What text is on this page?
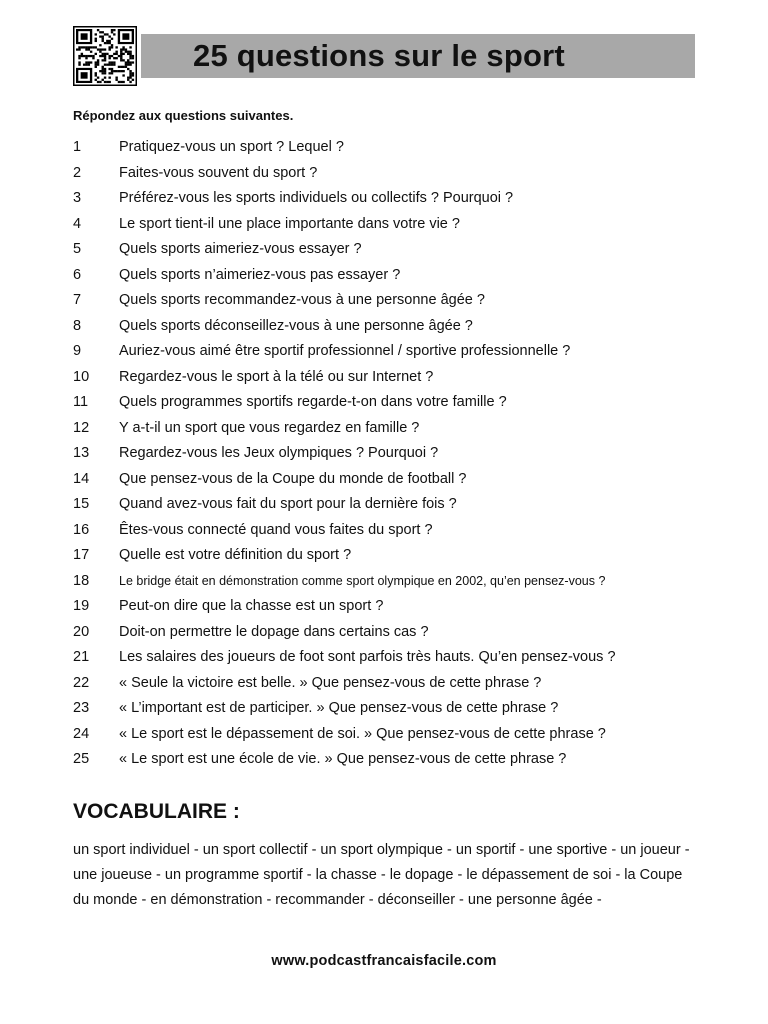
25 questions sur le sport
Répondez aux questions suivantes.
1	Pratiquez-vous un sport ? Lequel ?
2	Faites-vous souvent du sport ?
3	Préférez-vous les sports individuels ou collectifs ? Pourquoi ?
4	Le sport tient-il une place importante dans votre vie ?
5	Quels sports aimeriez-vous essayer ?
6	Quels sports n’aimeriez-vous pas essayer ?
7	Quels sports recommandez-vous à une personne âgée ?
8	Quels sports déconseillez-vous à une personne âgée ?
9	Auriez-vous aimé être sportif professionnel / sportive professionnelle ?
10 Regardez-vous le sport à la télé ou sur Internet ?
11 Quels programmes sportifs regarde-t-on dans votre famille ?
12 Y a-t-il un sport que vous regardez en famille ?
13 Regardez-vous les Jeux olympiques ? Pourquoi ?
14 Que pensez-vous de la Coupe du monde de football ?
15 Quand avez-vous fait du sport pour la dernière fois ?
16 Êtes-vous connecté quand vous faites du sport ?
17 Quelle est votre définition du sport ?
18 Le bridge était en démonstration comme sport olympique en 2002, qu’en pensez-vous ?
19 Peut-on dire que la chasse est un sport ?
20 Doit-on permettre le dopage dans certains cas ?
21 Les salaires des joueurs de foot sont parfois très hauts. Qu’en pensez-vous ?
22 « Seule la victoire est belle. » Que pensez-vous de cette phrase ?
23 « L’important est de participer. » Que pensez-vous de cette phrase ?
24 « Le sport est le dépassement de soi. » Que pensez-vous de cette phrase ?
25 « Le sport est une école de vie. » Que pensez-vous de cette phrase ?
VOCABULAIRE :
un sport individuel - un sport collectif - un sport olympique - un sportif - une sportive - un joueur - une joueuse - un programme sportif - la chasse - le dopage - le dépassement de soi - la Coupe du monde - en démonstration - recommander - déconseiller - une personne âgée -
www.podcastfrancaisfacile.com
